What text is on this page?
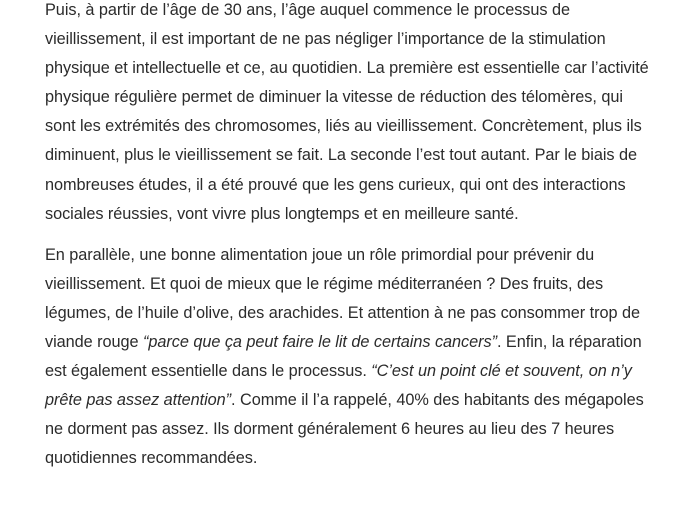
Puis, à partir de l’âge de 30 ans, l’âge auquel commence le processus de vieillissement, il est important de ne pas négliger l’importance de la stimulation physique et intellectuelle et ce, au quotidien. La première est essentielle car l’activité physique régulière permet de diminuer la vitesse de réduction des télomères, qui sont les extrémités des chromosomes, liés au vieillissement. Concrètement, plus ils diminuent, plus le vieillissement se fait. La seconde l’est tout autant. Par le biais de nombreuses études, il a été prouvé que les gens curieux, qui ont des interactions sociales réussies, vont vivre plus longtemps et en meilleure santé.

En parallèle, une bonne alimentation joue un rôle primordial pour prévenir du vieillissement. Et quoi de mieux que le régime méditerranéen ? Des fruits, des légumes, de l’huile d’olive, des arachides. Et attention à ne pas consommer trop de viande rouge “parce que ça peut faire le lit de certains cancers”. Enfin, la réparation est également essentielle dans le processus. “C’est un point clé et souvent, on n’y prête pas assez attention”. Comme il l’a rappelé, 40% des habitants des mégapoles ne dorment pas assez. Ils dorment généralement 6 heures au lieu des 7 heures quotidiennes recommandées.
